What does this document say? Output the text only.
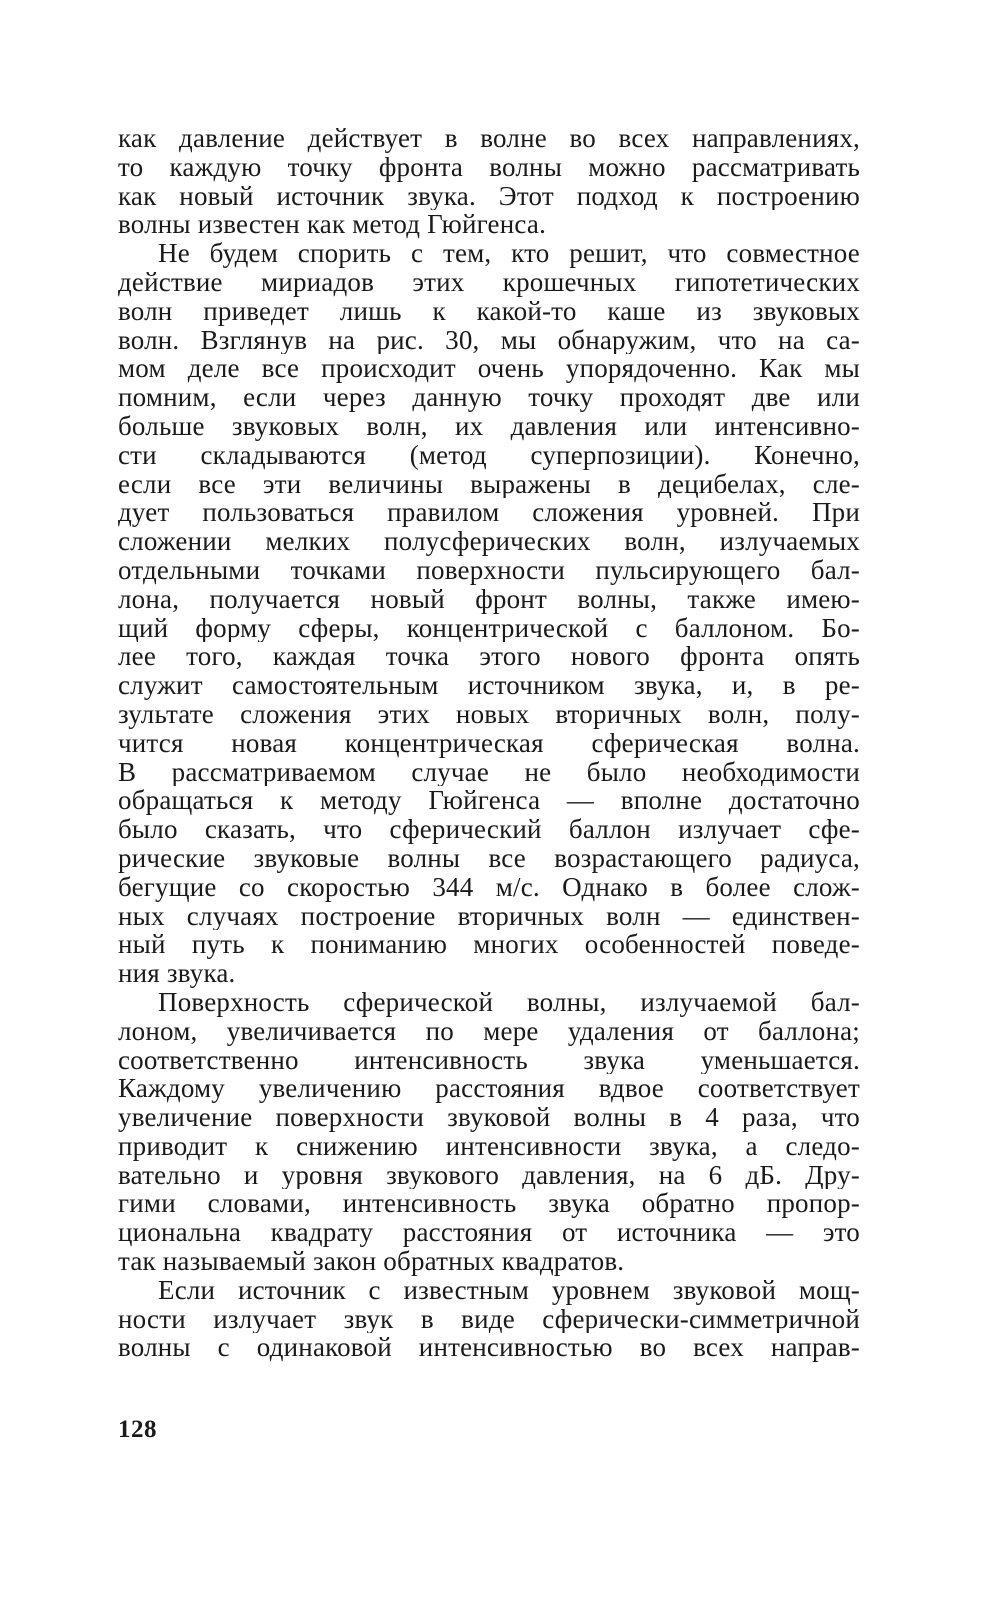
как давление действует в волне во всех направлениях,
то каждую точку фронта волны можно рассматривать
как новый источник звука. Этот подход к построению
волны известен как метод Гюйгенса.
Не будем спорить с тем, кто решит, что совместное
действие мириадов этих крошечных гипотетических
волн приведет лишь к какой-то каше из звуковых
волн. Взглянув на рис. 30, мы обнаружим, что на са-
мом деле все происходит очень упорядоченно. Как мы
помним, если через данную точку проходят две или
больше звуковых волн, их давления или интенсивно-
сти складываются (метод суперпозиции). Конечно,
если все эти величины выражены в децибелах, сле-
дует пользоваться правилом сложения уровней. При
сложении мелких полусферических волн, излучаемых
отдельными точками поверхности пульсирующего бал-
лона, получается новый фронт волны, также имею-
щий форму сферы, концентрической с баллоном. Бо-
лее того, каждая точка этого нового фронта опять
служит самостоятельным источником звука, и, в ре-
зультате сложения этих новых вторичных волн, полу-
чится новая концентрическая сферическая волна.
В рассматриваемом случае не было необходимости
обращаться к методу Гюйгенса — вполне достаточно
было сказать, что сферический баллон излучает сфе-
рические звуковые волны все возрастающего радиуса,
бегущие со скоростью 344 м/с. Однако в более слож-
ных случаях построение вторичных волн — единствен-
ный путь к пониманию многих особенностей поведе-
ния звука.
Поверхность сферической волны, излучаемой бал-
лоном, увеличивается по мере удаления от баллона;
соответственно интенсивность звука уменьшается.
Каждому увеличению расстояния вдвое соответствует
увеличение поверхности звуковой волны в 4 раза, что
приводит к снижению интенсивности звука, а следо-
вательно и уровня звукового давления, на 6 дБ. Дру-
гими словами, интенсивность звука обратно пропор-
циональна квадрату расстояния от источника — это
так называемый закон обратных квадратов.
Если источник с известным уровнем звуковой мощ-
ности излучает звук в виде сферически-симметричной
волны с одинаковой интенсивностью во всех направ-
128
